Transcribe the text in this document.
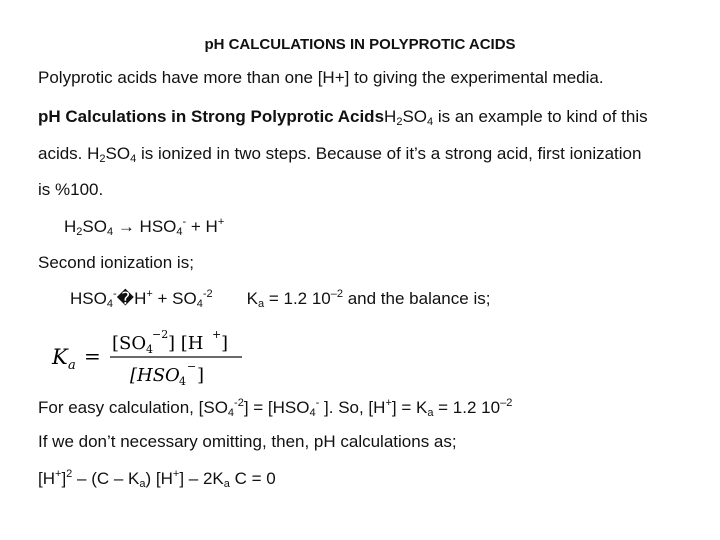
pH CALCULATIONS IN POLYPROTIC ACIDS
Polyprotic acids have more than one [H+] to giving the experimental media.
pH Calculations in Strong Polyprotic $AcidsH_2SO_4$ is an example to kind of this
acids. $H_2SO_4$ is ionized in two steps. Because of it’s a strong acid, first ionization
is %100.
$H_2SO_4 \to HSO_4^- + H^+$
Second ionization is;
$HSO_4^-�H^+ + SO_4^{-2}$ $K_a = 1.2$ $10^{-2}$ and the balance is;
K a =
[SO 4
−2 ] [H + ]
[HSO 4
− ]
For easy calculation, $[SO_4^{-2}] = [HSO_4^-$ ]. So, $[H^+] = K_a = 1.2$ $10^{-2}$
If we don’t necessary omitting, then, pH calculations as;
$[H^+]^2 - (C - K_a)$ $[H^+] - 2K_a$ C = 0
